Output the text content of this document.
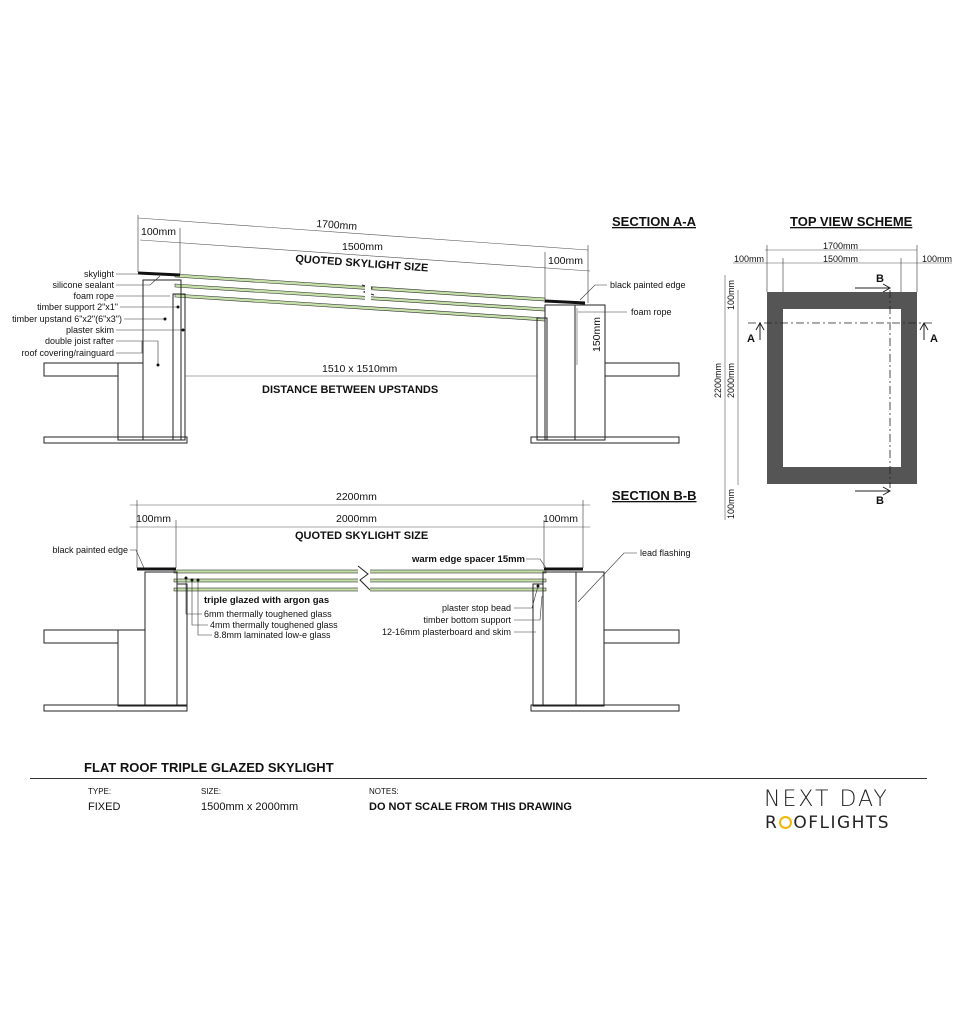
SECTION A-A
1700mm
100mm
1500mm
100mm
QUOTED SKYLIGHT SIZE
150mm
1510 x 1510mm
DISTANCE BETWEEN UPSTANDS
skylight
silicone sealant
foam rope
timber support 2"x1"
timber upstand 6"x2"(6"x3")
plaster skim
double joist rafter
roof covering/rainguard
black painted edge
foam rope
SECTION B-B
2200mm
100mm	2000mm	100mm
QUOTED SKYLIGHT SIZE
black painted edge
triple glazed with argon gas
6mm thermally toughened glass
4mm thermally toughened glass
8.8mm laminated low-e glass
warm edge spacer 15mm
lead flashing
plaster stop bead
timber bottom support
12-16mm plasterboard and skim
TOP VIEW SCHEME
1700mm
100mm	1500mm	100mm
2200mm 2000mm
100mm
100mm
A	A
B
B
FLAT ROOF TRIPLE GLAZED SKYLIGHT
TYPE:
FIXED
SIZE:
1500mm x 2000mm
NOTES:
DO NOT SCALE FROM THIS DRAWING	NEXT DAY
R OFLIGHTS
